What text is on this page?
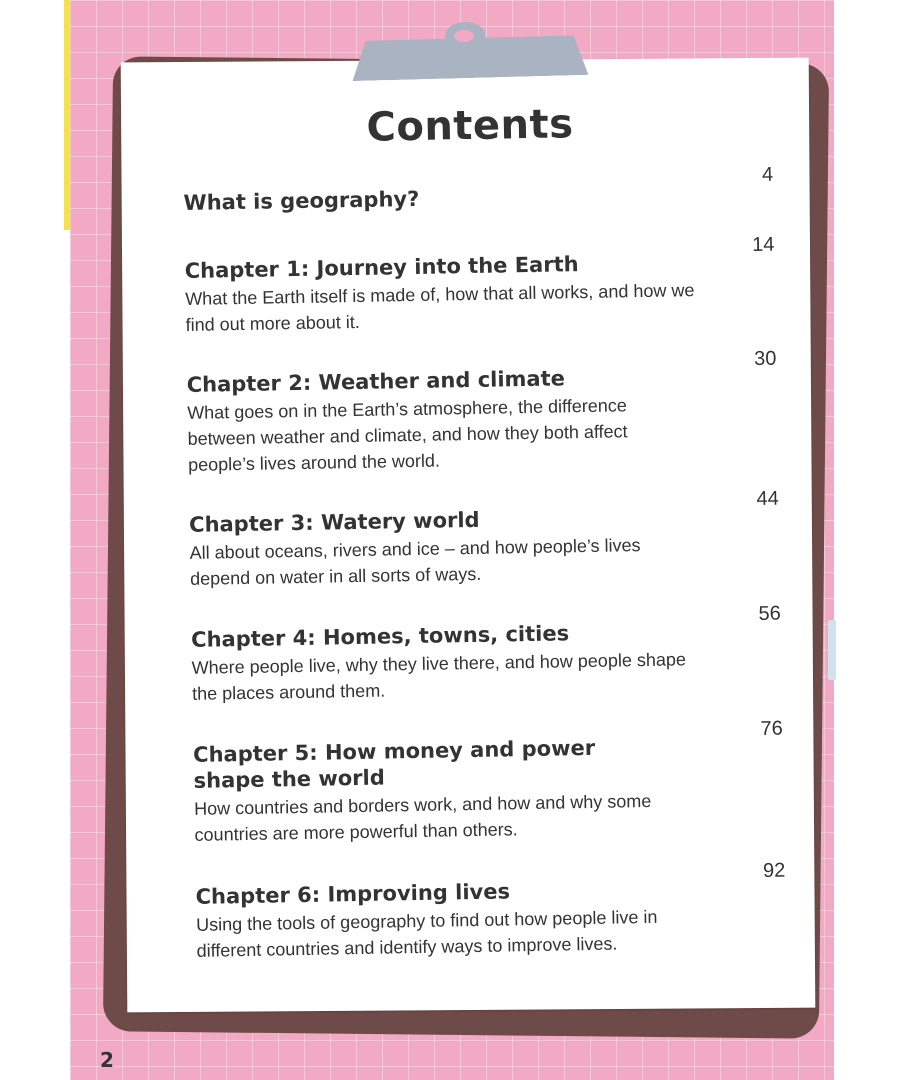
Contents
What is geography?
4
Chapter 1: Journey into the Earth
What the Earth itself is made of, how that all works, and how we find out more about it.
14
Chapter 2: Weather and climate
What goes on in the Earth’s atmosphere, the difference between weather and climate, and how they both affect people’s lives around the world.
30
Chapter 3: Watery world
All about oceans, rivers and ice – and how people’s lives depend on water in all sorts of ways.
44
Chapter 4: Homes, towns, cities
Where people live, why they live there, and how people shape the places around them.
56
Chapter 5: How money and power shape the world
How countries and borders work, and how and why some countries are more powerful than others.
76
Chapter 6: Improving lives
Using the tools of geography to find out how people live in different countries and identify ways to improve lives.
92
2
